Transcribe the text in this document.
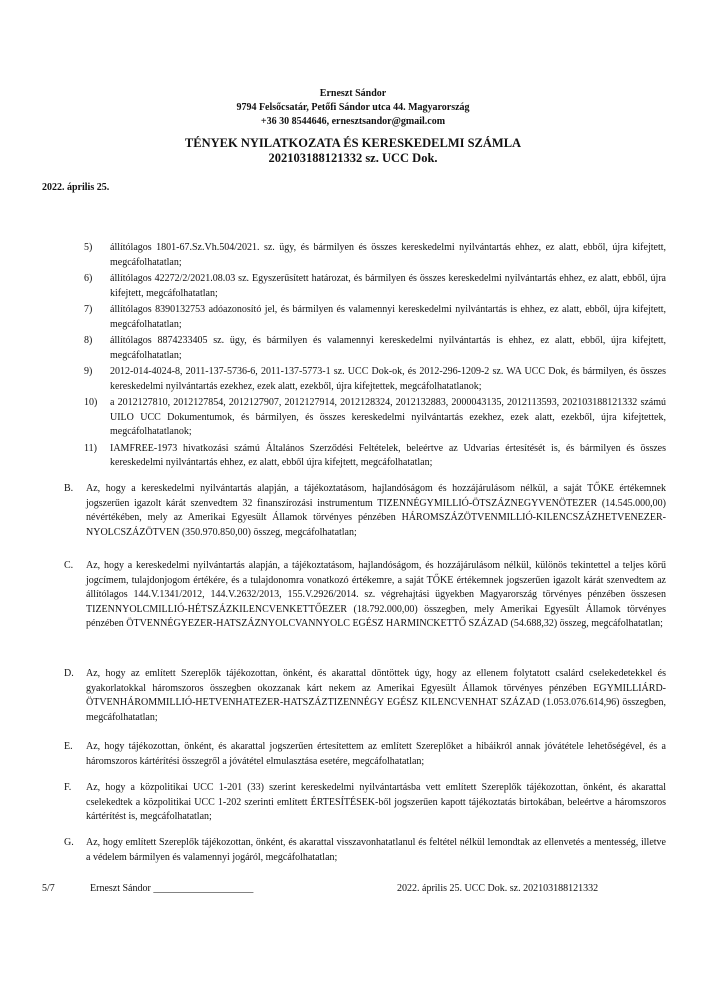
Erneszt Sándor
9794 Felsőcsatár, Petőfi Sándor utca 44. Magyarország
+36 30 8544646, ernesztsandor@gmail.com
TÉNYEK NYILATKOZATA ÉS KERESKEDELMI SZÁMLA
202103188121332 sz. UCC Dok.
2022. április 25.
5)	állítólagos 1801-67.Sz.Vh.504/2021. sz. ügy, és bármilyen és összes kereskedelmi nyilvántartás ehhez, ez alatt, ebből, újra kifejtett, megcáfolhatatlan;
6)	állítólagos 42272/2/2021.08.03 sz. Egyszerűsített határozat, és bármilyen és összes kereskedelmi nyilvántartás ehhez, ez alatt, ebből, újra kifejtett, megcáfolhatatlan;
7)	állítólagos 8390132753 adóazonosító jel, és bármilyen és valamennyi kereskedelmi nyilvántartás is ehhez, ez alatt, ebből, újra kifejtett, megcáfolhatatlan;
8)	állítólagos 8874233405 sz. ügy, és bármilyen és valamennyi kereskedelmi nyilvántartás is ehhez, ez alatt, ebből, újra kifejtett, megcáfolhatatlan;
9)	2012-014-4024-8, 2011-137-5736-6, 2011-137-5773-1 sz. UCC Dok-ok, és 2012-296-1209-2 sz. WA UCC Dok, és bármilyen, és összes kereskedelmi nyilvántartás ezekhez, ezek alatt, ezekből, újra kifejtettek, megcáfolhatatlanok;
10)	a 2012127810, 2012127854, 2012127907, 2012127914, 2012128324, 2012132883, 2000043135, 2012113593, 202103188121332 számú UILO UCC Dokumentumok, és bármilyen, és összes kereskedelmi nyilvántartás ezekhez, ezek alatt, ezekből, újra kifejtettek, megcáfolhatatlanok;
11)	IAMFREE-1973 hivatkozási számú Általános Szerződési Feltételek, beleértve az Udvarias értesítését is, és bármilyen és összes kereskedelmi nyilvántartás ehhez, ez alatt, ebből újra kifejtett, megcáfolhatatlan;
B.	Az, hogy a kereskedelmi nyilvántartás alapján, a tájékoztatásom, hajlandóságom és hozzájárulásom nélkül, a saját TŐKE értékemnek jogszerűen igazolt kárát szenvedtem 32 finanszírozási instrumentum TIZENNÉGYMILLIÓ-ÖTSZÁZNEGYVENÖTEZER (14.545.000,00) névértékében, mely az Amerikai Egyesült Államok törvényes pénzében HÁROMSZÁZÖTVENMILLIÓ-KILENCSZÁZHETVENEZER-NYOLCSZÁZÖTVEN (350.970.850,00) összeg, megcáfolhatatlan;
C.	Az, hogy a kereskedelmi nyilvántartás alapján, a tájékoztatásom, hajlandóságom, és hozzájárulásom nélkül, különös tekintettel a teljes körű jogcímem, tulajdonjogom értékére, és a tulajdonomra vonatkozó értékemre, a saját TŐKE értékemnek jogszerűen igazolt kárát szenvedtem az állítólagos 144.V.1341/2012, 144.V.2632/2013, 155.V.2926/2014. sz. végrehajtási ügyekben Magyarország törvényes pénzében összesen TIZENNYOLCMILLIÓ-HÉTSZÁZKILENCVENKETTŐEZER (18.792.000,00) összegben, mely Amerikai Egyesült Államok törvényes pénzében ÖTVENNÉGYEZER-HATSZÁZNYOLCVANNYOLC EGÉSZ HARMINCKETTŐ SZÁZAD (54.688,32) összeg, megcáfolhatatlan;
D.	Az, hogy az említett Szereplők tájékozottan, önként, és akarattal döntöttek úgy, hogy az ellenem folytatott csalárd cselekedetekkel és gyakorlatokkal háromszoros összegben okozzanak kárt nekem az Amerikai Egyesült Államok törvényes pénzében EGYMILLIÁRD-ÖTVENHÁROMMILLIÓ-HETVENHATEZER-HATSZÁZTIZENNÉGY EGÉSZ KILENCVENHAT SZÁZAD (1.053.076.614,96) összegben, megcáfolhatatlan;
E.	Az, hogy tájékozottan, önként, és akarattal jogszerűen értesítettem az említett Szereplőket a hibáikról annak jóvátétele lehetőségével, és a háromszoros kártérítési összegről a jóvátétel elmulasztása esetére, megcáfolhatatlan;
F.	Az, hogy a közpolitikai UCC 1-201 (33) szerint kereskedelmi nyilvántartásba vett említett Szereplők tájékozottan, önként, és akarattal cselekedtek a közpolitikai UCC 1-202 szerinti említett ÉRTESÍTÉSEK-ből jogszerűen kapott tájékoztatás birtokában, beleértve a háromszoros kártérítést is, megcáfolhatatlan;
G.	Az, hogy említett Szereplők tájékozottan, önként, és akarattal visszavonhatatlanul és feltétel nélkül lemondtak az ellenvetés a mentesség, illetve a védelem bármilyen és valamennyi jogáról, megcáfolhatatlan;
5/7	Erneszt Sándor ____________________	2022. április 25. UCC Dok. sz. 202103188121332
